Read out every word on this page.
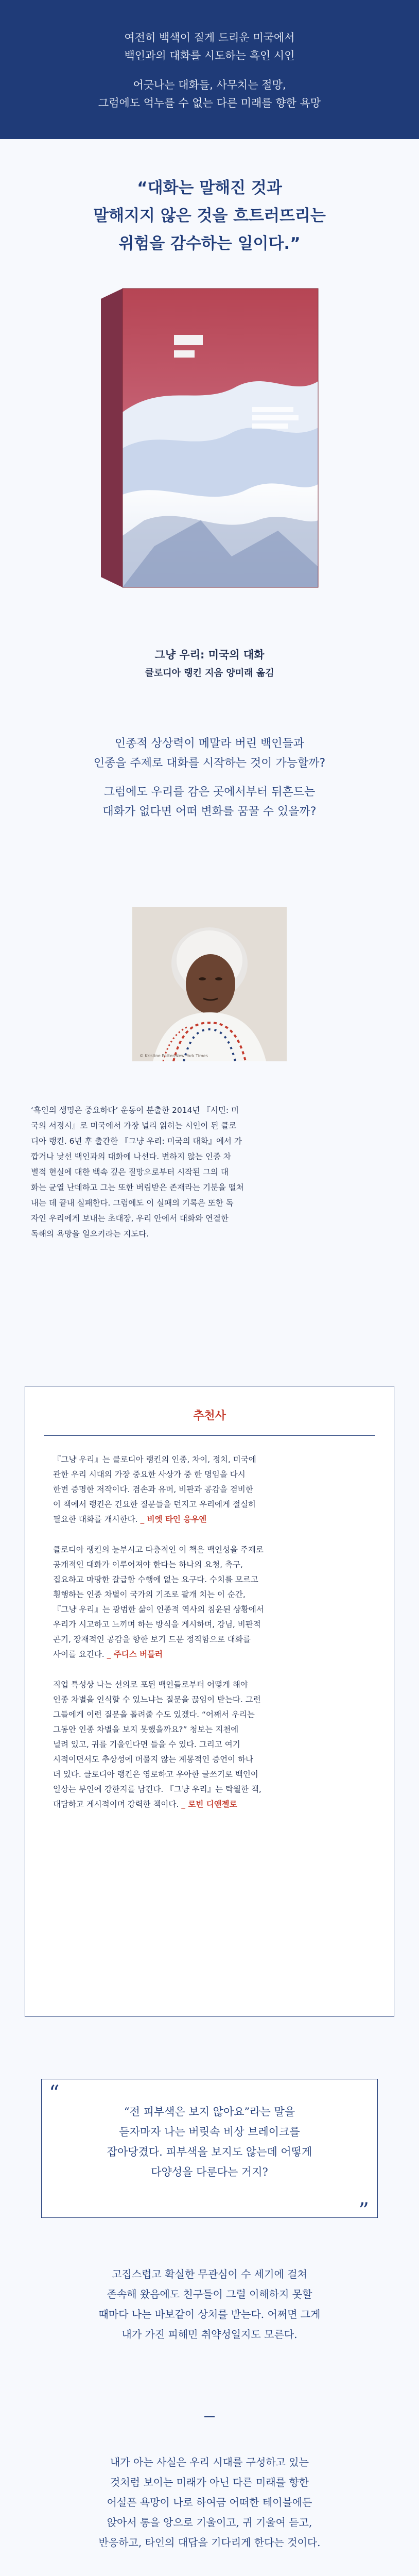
여전히 백색이 짙게 드리운 미국에서
백인과의 대화를 시도하는 흑인 시인
어긋나는 대화들, 사무치는 절망,
그럼에도 억누를 수 없는 다른 미래를 향한 욕망
“대화는 말해진 것과
말해지지 않은 것을 흐트러뜨리는
위험을 감수하는 일이다.”
그냥 우리: 미국의 대화
클로디아 랭킨 지음 양미래 옮김
인종적 상상력이 메말라 버린 백인들과
인종을 주제로 대화를 시작하는 것이 가능할까?
그럼에도 우리를 감은 곳에서부터 뒤흔드는
대화가 없다면 어떠 변화를 꿈꿀 수 있을까?
© Kristine Potter/New York Times
‘흑인의 생명은 중요하다’ 운동이 분출한 2014년 『시민: 미
국의 서정시』로 미국에서 가장 널리 읽히는 시인이 된 클로
디아 랭킨. 6년 후 출간한 『그냥 우리: 미국의 대화』에서 가
깝거나 낯선 백인과의 대화에 나선다. 변하지 않는 인종 차
별적 현실에 대한 백속 깊은 질망으로부터 시작된 그의 대
화는 균열 난데하고 그는 또한 버림받은 존재라는 기분을 떨쳐
내는 데 끝내 실패한다. 그럼에도 이 실패의 기록은 또한 독
자인 우리에게 보내는 초대장, 우리 안에서 대화와 연결한
독해의 욕망을 일으키라는 지도다.
추천사
『그냥 우리』는 클로디아 랭킨의 인종, 차이, 정치, 미국에
관한 우리 시대의 가장 중요한 사상가 중 한 명임을 다시
한번 증명한 저작이다. 겸손과 유머, 비판과 공감을 겸비한
이 책에서 랭킨은 긴요한 질문들을 던지고 우리에게 절실히
필요한 대화를 개시한다. _ 비엣 타인 응우옌
클로디아 랭킨의 눈부시고 다층적인 이 책은 백인성을 주제로
공개적인 대화가 이루어져야 한다는 하나의 요청, 촉구,
집요하고 마땅한 갈급함 수행에 없는 요구다. 수치를 모르고
횡행하는 인종 차별이 국가의 기조로 팔개 치는 이 순간,
『그냥 우리』는 광범한 삶이 인종적 역사의 침윤된 상황에서
우리가 시고하고 느끼며 하는 방식을 게시하며, 강님, 비판적
곤기, 장재적인 공감을 향한 보기 드문 정직함으로 대화를
사이를 요긴다. _ 주디스 버틀러
직업 특성상 나는 선의로 포된 백인들로부터 어떻게 해야
인종 차별을 인식할 수 있느냐는 질문을 끊임이 받는다. 그런
그들에게 이런 질문을 돌려줄 수도 있겠다. “어째서 우리는
그동안 인종 차별을 보지 못했을까요?” 청보는 지천에
널려 있고, 귀를 기울인다면 들을 수 있다. 그리고 여기
시적이면서도 추상성에 머물지 않는 계몽적인 증언이 하나
더 있다. 클로디아 랭킨은 영로하고 우아한 글쓰기로 백인이
일상는 부인에 강한지를 남긴다. 『그냥 우리』는 탁월한 책,
대담하고 게시적이며 강력한 책이다. _ 로빈 디앤젤로
“
“전 피부색은 보지 않아요”라는 말을
듣자마자 나는 버릿속 비상 브레이크를
잡아당겼다. 피부색을 보지도 않는데 어떻게
다양성을 다룬다는 거지?
”
고집스럽고 확실한 무관심이 수 세기에 걸쳐
존속해 왔음에도 친구들이 그럴 이해하지 못할
때마다 나는 바보같이 상처를 받는다. 어쩌면 그게
내가 가진 피해민 취약성일지도 모른다.
내가 아는 사실은 우리 시대를 구성하고 있는
것처럼 보이는 미래가 아닌 다른 미래를 향한
어설픈 욕망이 나로 하여금 어떠한 테이블에든
앉아서 통을 앙으로 기울이고, 귀 기울여 듣고,
반응하고, 타인의 대답을 기다리게 한다는 것이다.
